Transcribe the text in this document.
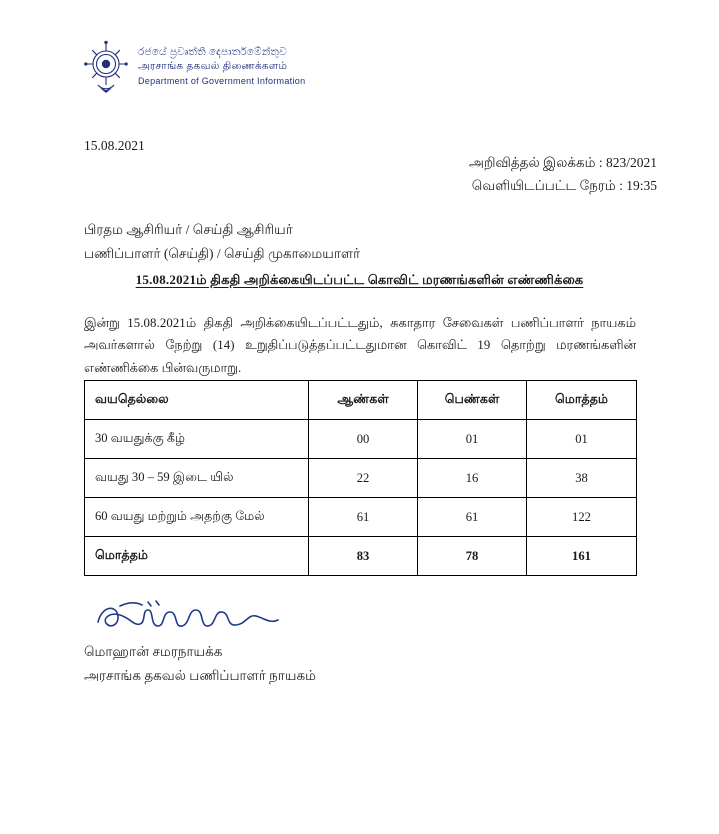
රජයේ ප්‍රවෘත්ති දෙපාර්තමේන්තුව
அரசாங்க தகவல் திணைக்களம்
Department of Government Information
15.08.2021
அறிவித்தல் இலக்கம் : 823/2021
வெளியிடப்பட்ட நேரம் : 19:35
பிரதம ஆசிரியர் / செய்தி ஆசிரியர்
பணிப்பாளர் (செய்தி) / செய்தி முகாமையாளர்
15.08.2021ம் திகதி அறிக்கையிடப்பட்ட கொவிட் மரணங்களின் எண்ணிக்கை
இன்று 15.08.2021ம் திகதி அறிக்கையிடப்பட்டதும், சுகாதார சேவைகள் பணிப்பாளர் நாயகம் அவர்களால் நேற்று (14) உறுதிப்படுத்தப்பட்டதுமான கொவிட் 19 தொற்று மரணங்களின் எண்ணிக்கை பின்வருமாறு.
வயதெல்லை	ஆண்கள்	பெண்கள்	மொத்தம்
30 வயதுக்கு கீழ்	00	01	01
வயது 30 – 59 இடை யில்	22	16	38
60 வயது மற்றும் அதற்கு மேல்	61	61	122
மொத்தம்	83	78	161
மொஹான் சமரநாயக்க
அரசாங்க தகவல் பணிப்பாளர் நாயகம்
